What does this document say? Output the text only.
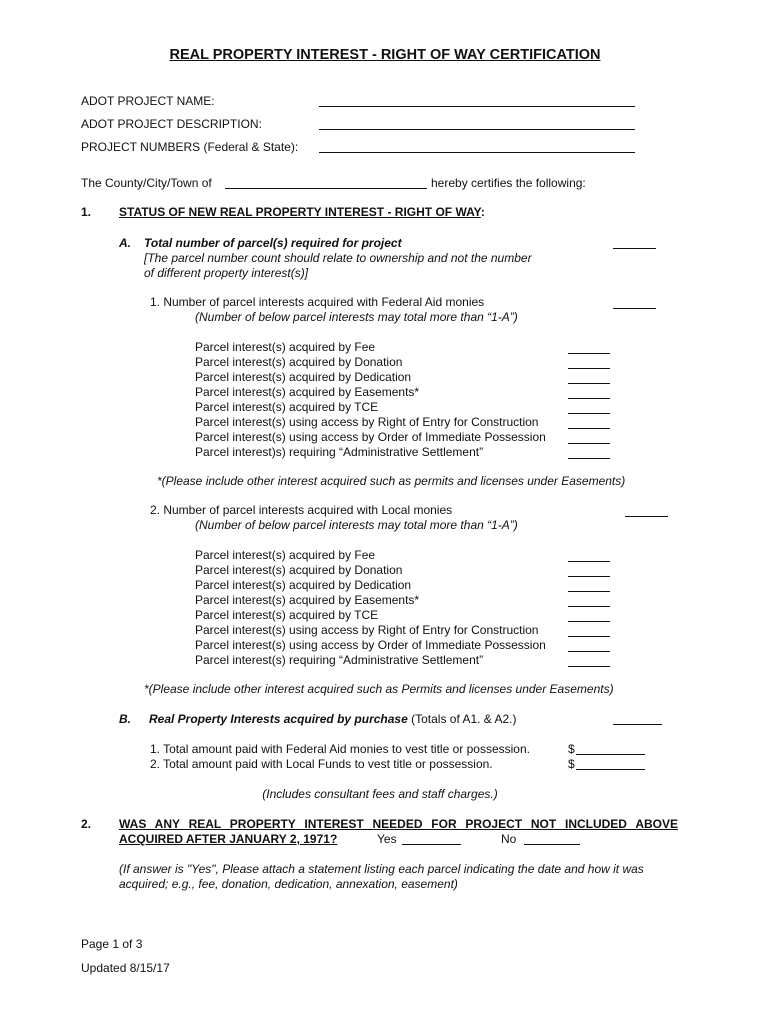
REAL PROPERTY INTEREST - RIGHT OF WAY CERTIFICATION
ADOT PROJECT NAME:
ADOT PROJECT DESCRIPTION:
PROJECT NUMBERS (Federal & State):
The County/City/Town of	hereby certifies the following:
1. STATUS OF NEW REAL PROPERTY INTEREST - RIGHT OF WAY:
A. Total number of parcel(s) required for project
[The parcel number count should relate to ownership and not the number
of different property interest(s)]
1. Number of parcel interests acquired with Federal Aid monies
(Number of below parcel interests may total more than “1-A”)
Parcel interest(s) acquired by Fee
Parcel interest(s) acquired by Donation
Parcel interest(s) acquired by Dedication
Parcel interest(s) acquired by Easements*
Parcel interest(s) acquired by TCE
Parcel interest(s) using access by Right of Entry for Construction
Parcel interest(s) using access by Order of Immediate Possession
Parcel interest)s) requiring “Administrative Settlement”
*(Please include other interest acquired such as permits and licenses under Easements)
2. Number of parcel interests acquired with Local monies
(Number of below parcel interests may total more than “1-A”)
Parcel interest(s) acquired by Fee
Parcel interest(s) acquired by Donation
Parcel interest(s) acquired by Dedication
Parcel interest(s) acquired by Easements*
Parcel interest(s) acquired by TCE
Parcel interest(s) using access by Right of Entry for Construction
Parcel interest(s) using access by Order of Immediate Possession
Parcel interest(s) requiring “Administrative Settlement”
*(Please include other interest acquired such as Permits and licenses under Easements)
B. Real Property Interests acquired by purchase (Totals of A1. & A2.)
1. Total amount paid with Federal Aid monies to vest title or possession.	$
2. Total amount paid with Local Funds to vest title or possession.	$
(Includes consultant fees and staff charges.)
2. WAS ANY REAL PROPERTY INTEREST NEEDED FOR PROJECT NOT INCLUDED ABOVE
ACQUIRED AFTER JANUARY 2, 1971?	Yes	No
(If answer is "Yes", Please attach a statement listing each parcel indicating the date and how it was
acquired; e.g., fee, donation, dedication, annexation, easement)
Page 1 of 3
Updated 8/15/17
